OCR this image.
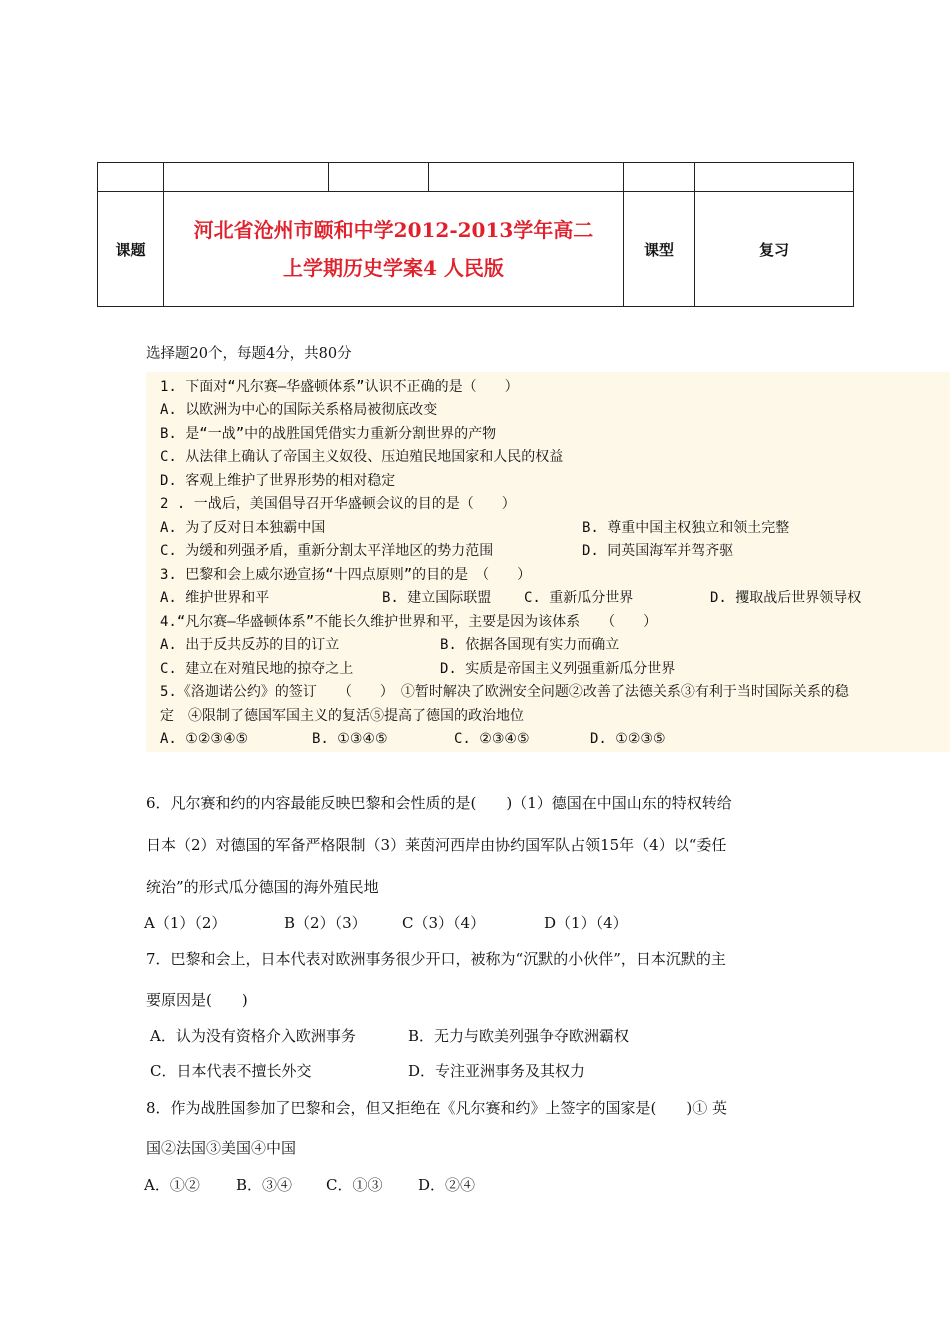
课题	河北省沧州市颐和中学2012-2013学年高二
上学期历史学案4 人民版			课型	复习
选择题20个，每题4分，共80分
1. 下面对“凡尔赛—华盛顿体系”认识不正确的是（　　）
A. 以欧洲为中心的国际关系格局被彻底改变
B. 是“一战”中的战胜国凭借实力重新分割世界的产物
C. 从法律上确认了帝国主义奴役、压迫殖民地国家和人民的权益
D. 客观上维护了世界形势的相对稳定
2 . 一战后，美国倡导召开华盛顿会议的目的是（　　）
A. 为了反对日本独霸中国	B. 尊重中国主权独立和领土完整
C. 为缓和列强矛盾，重新分割太平洋地区的势力范围	D. 同英国海军并驾齐驱
3. 巴黎和会上威尔逊宣扬“十四点原则”的目的是　（　　）
A. 维护世界和平	B. 建立国际联盟 C. 重新瓜分世界	D. 攫取战后世界领导权
4.“凡尔赛—华盛顿体系”不能长久维护世界和平，主要是因为该体系　　（　　）
A. 出于反共反苏的目的订立	B. 依据各国现有实力而确立
C. 建立在对殖民地的掠夺之上	D. 实质是帝国主义列强重新瓜分世界
5.《洛迦诺公约》的签订　　（　　）　①暂时解决了欧洲安全问题②改善了法德关系③有利于当时国际关系的稳
定　④限制了德国军国主义的复活⑤提高了德国的政治地位
A. ①②③④⑤	B. ①③④⑤	C. ②③④⑤	D. ①②③⑤
6．凡尔赛和约的内容最能反映巴黎和会性质的是(　　)（1）德国在中国山东的特权转给
日本（2）对德国的军备严格限制（3）莱茵河西岸由协约国军队占领15年（4）以“委任
统治”的形式瓜分德国的海外殖民地
A（1）（2）	B（2）（3） C（3）（4）	D（1）（4）
7．巴黎和会上，日本代表对欧洲事务很少开口，被称为“沉默的小伙伴”，日本沉默的主
要原因是(　　)
A．认为没有资格介入欧洲事务	B．无力与欧美列强争夺欧洲霸权
C．日本代表不擅长外交	D．专注亚洲事务及其权力
8．作为战胜国参加了巴黎和会，但又拒绝在《凡尔赛和约》上签字的国家是(　　)① 英
国②法国③美国④中国
A．①② B．③④ C．①③ D．②④
